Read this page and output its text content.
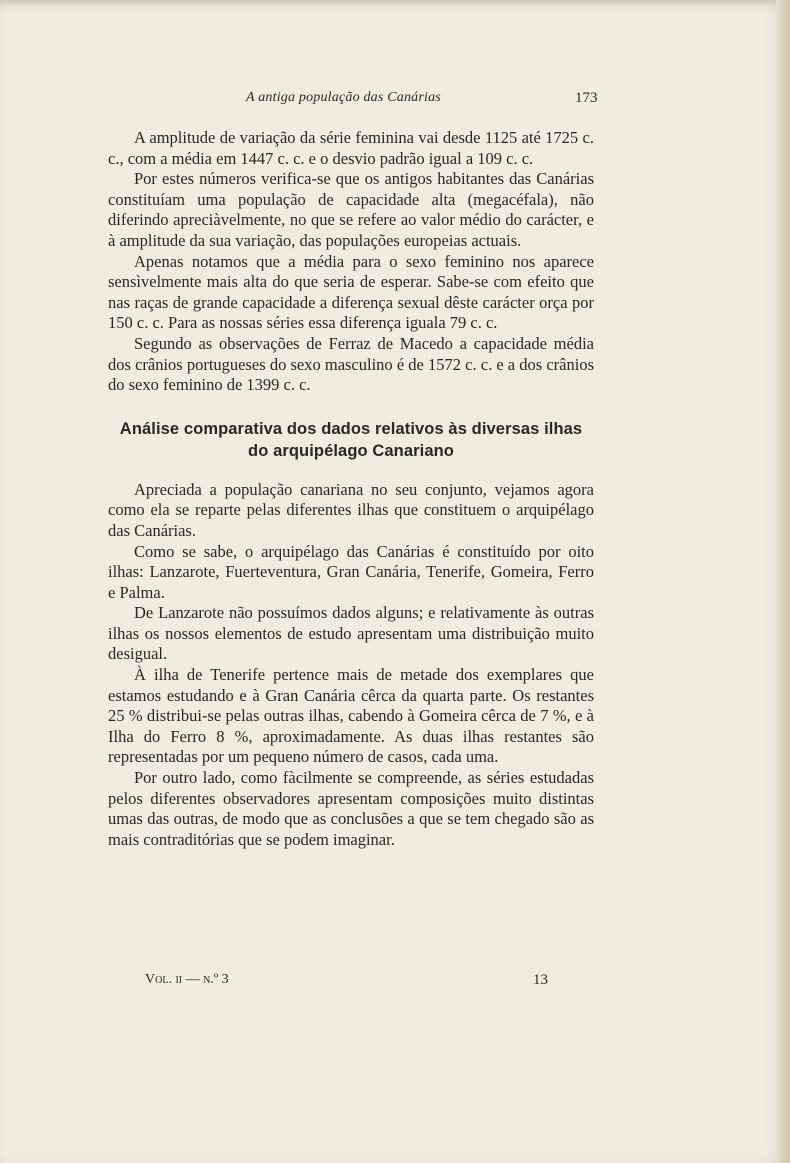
A antiga população das Canárias	173

A amplitude de variação da série feminina vai desde 1125 até 1725 c. c., com a média em 1447 c. c. e o desvio padrão igual a 109 c. c.

Por estes números verifica-se que os antigos habitantes das Canárias constituíam uma população de capacidade alta (megacéfala), não diferindo apreciàvelmente, no que se refere ao valor médio do carácter, e à amplitude da sua variação, das populações europeias actuais.

Apenas notamos que a média para o sexo feminino nos aparece sensìvelmente mais alta do que seria de esperar. Sabe-se com efeito que nas raças de grande capacidade a diferença sexual dêste carácter orça por 150 c. c. Para as nossas séries essa diferença iguala 79 c. c.

Segundo as observações de Ferraz de Macedo a capacidade média dos crânios portugueses do sexo masculino é de 1572 c. c. e a dos crânios do sexo feminino de 1399 c. c.

Análise comparativa dos dados relativos às diversas ilhas
do arquipélago Canariano

Apreciada a população canariana no seu conjunto, vejamos agora como ela se reparte pelas diferentes ilhas que constituem o arquipélago das Canárias.

Como se sabe, o arquipélago das Canárias é constituído por oito ilhas: Lanzarote, Fuerteventura, Gran Canária, Tenerife, Gomeira, Ferro e Palma.

De Lanzarote não possuímos dados alguns; e relativamente às outras ilhas os nossos elementos de estudo apresentam uma distribuição muito desigual.

À ilha de Tenerife pertence mais de metade dos exemplares que estamos estudando e à Gran Canária cêrca da quarta parte. Os restantes 25 % distribui-se pelas outras ilhas, cabendo à Gomeira cêrca de 7 %, e à Ilha do Ferro 8 %, aproximadamente. As duas ilhas restantes são representadas por um pequeno número de casos, cada uma.

Por outro lado, como fàcilmente se compreende, as séries estudadas pelos diferentes observadores apresentam composições muito distintas umas das outras, de modo que as conclusões a que se tem chegado são as mais contraditórias que se podem imaginar.

Vol. ii — n.º 3	13
